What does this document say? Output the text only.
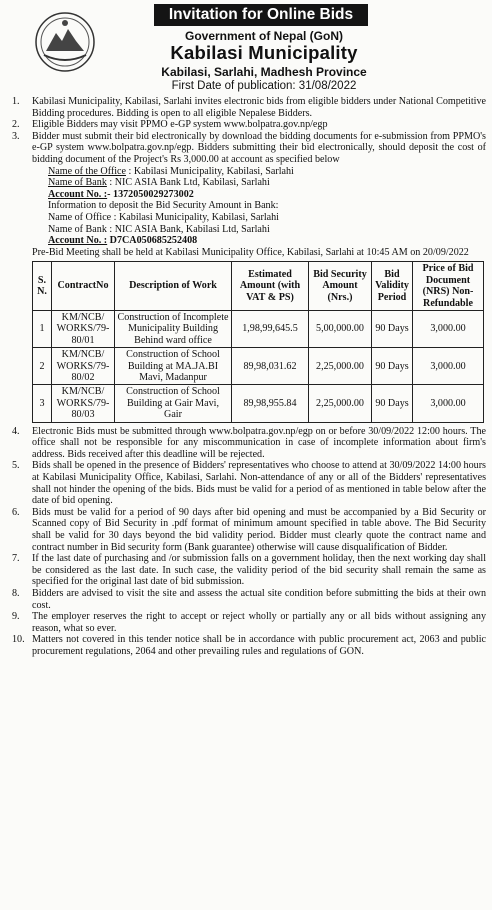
Invitation for Online Bids
Government of Nepal (GoN)
Kabilasi Municipality
Kabilasi, Sarlahi, Madhesh Province
First Date of publication: 31/08/2022
1. Kabilasi Municipality, Kabilasi, Sarlahi invites electronic bids from eligible bidders under National Competitive Bidding procedures. Bidding is open to all eligible Nepalese Bidders.
2. Eligible Bidders may visit PPMO e-GP system www.bolpatra.gov.np/egp
3. Bidder must submit their bid electronically by download the bidding documents for e-submission from PPMO's e-GP system www.bolpatra.gov.np/egp. Bidders submitting their bid electronically, should deposit the cost of bidding document of the Project's Rs 3,000.00 at account as specified below
Name of the Office : Kabilasi Municipality, Kabilasi, Sarlahi
Name of Bank : NIC ASIA Bank Ltd, Kabilasi, Sarlahi
Account No. :- 1372050029273002
Information to deposit the Bid Security Amount in Bank:
Name of Office : Kabilasi Municipality, Kabilasi, Sarlahi
Name of Bank : NIC ASIA Bank, Kabilasi Ltd, Sarlahi
Account No. : D7CA050685252408
Pre-Bid Meeting shall be held at Kabilasi Municipality Office, Kabilasi, Sarlahi at 10:45 AM on 20/09/2022
S. N.	ContractNo	Description of Work	Estimated Amount (with VAT & PS)	Bid Security Amount (Nrs.)	Bid Validity Period	Price of Bid Document (NRS) Non-Refundable
1	KM/NCB/ WORKS/79-80/01	Construction of Incomplete Municipality Building Behind ward office	1,98,99,645.5	5,00,000.00	90 Days	3,000.00
2	KM/NCB/ WORKS/79-80/02	Construction of School Building at MA.JA.BI Mavi, Madanpur	89,98,031.62	2,25,000.00	90 Days	3,000.00
3	KM/NCB/ WORKS/79-80/03	Construction of School Building at Gair Mavi, Gair	89,98,955.84	2,25,000.00	90 Days	3,000.00
4. Electronic Bids must be submitted through www.bolpatra.gov.np/egp on or before 30/09/2022 12:00 hours. The office shall not be responsible for any miscommunication in case of incomplete information about firm's address. Bids received after this deadline will be rejected.
5. Bids shall be opened in the presence of Bidders' representatives who choose to attend at 30/09/2022 14:00 hours at Kabilasi Municipality Office, Kabilasi, Sarlahi. Non-attendance of any or all of the Bidders' representatives shall not hinder the opening of the bids. Bids must be valid for a period of as mentioned in table below after the date of bid opening.
6. Bids must be valid for a period of 90 days after bid opening and must be accompanied by a Bid Security or Scanned copy of Bid Security in .pdf format of minimum amount specified in table above. The Bid Security shall be valid for 30 days beyond the bid validity period. Bidder must clearly quote the contract name and contract number in Bid security form (Bank guarantee) otherwise will cause disqualification of Bidder.
7. If the last date of purchasing and /or submission falls on a government holiday, then the next working day shall be considered as the last date. In such case, the validity period of the bid security shall remain the same as specified for the original last date of bid submission.
8. Bidders are advised to visit the site and assess the actual site condition before submitting the bids at their own cost.
9. The employer reserves the right to accept or reject wholly or partially any or all bids without assigning any reason, what so ever.
10. Matters not covered in this tender notice shall be in accordance with public procurement act, 2063 and public procurement regulations, 2064 and other prevailing rules and regulations of GON.
